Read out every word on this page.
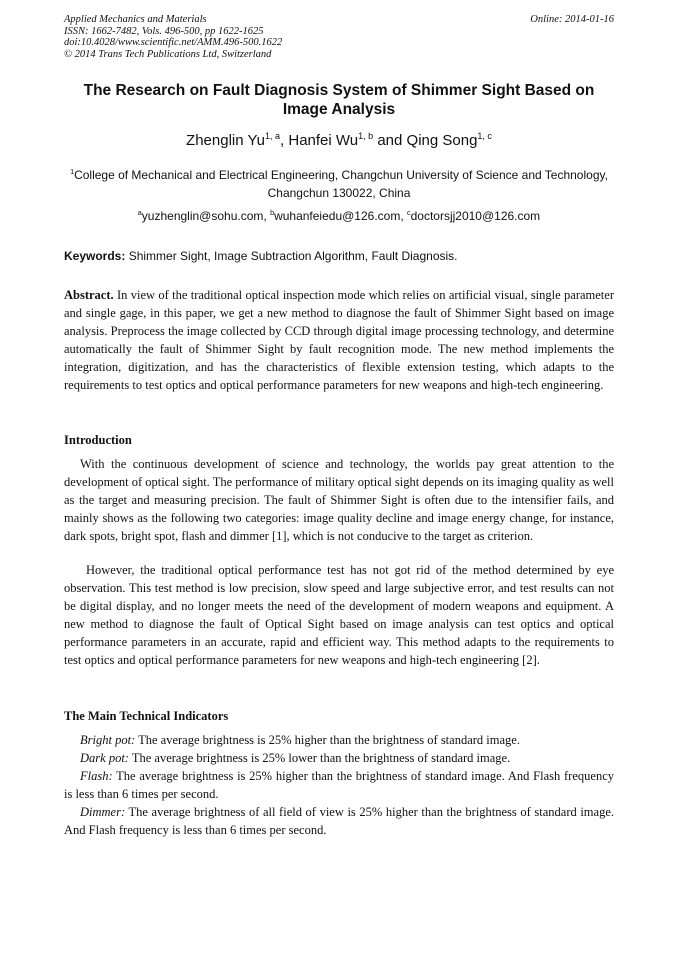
Applied Mechanics and Materials
ISSN: 1662-7482, Vols. 496-500, pp 1622-1625
doi:10.4028/www.scientific.net/AMM.496-500.1622
© 2014 Trans Tech Publications Ltd, Switzerland
Online: 2014-01-16
The Research on Fault Diagnosis System of Shimmer Sight Based on Image Analysis
Zhenglin Yu$^{1, a}$, Hanfei Wu$^{1, b}$ and Qing Song$^{1, c}$
$^1$College of Mechanical and Electrical Engineering, Changchun University of Science and Technology, Changchun 130022, China
$^a$yuzhenglin@sohu.com, $^b$wuhanfeiedu@126.com, $^c$doctorsjj2010@126.com
Keywords: Shimmer Sight, Image Subtraction Algorithm, Fault Diagnosis.
Abstract. In view of the traditional optical inspection mode which relies on artificial visual, single parameter and single gage, in this paper, we get a new method to diagnose the fault of Shimmer Sight based on image analysis. Preprocess the image collected by CCD through digital image processing technology, and determine automatically the fault of Shimmer Sight by fault recognition mode. The new method implements the integration, digitization, and has the characteristics of flexible extension testing, which adapts to the requirements to test optics and optical performance parameters for new weapons and high-tech engineering.
Introduction
With the continuous development of science and technology, the worlds pay great attention to the development of optical sight. The performance of military optical sight depends on its imaging quality as well as the target and measuring precision. The fault of Shimmer Sight is often due to the intensifier fails, and mainly shows as the following two categories: image quality decline and image energy change, for instance, dark spots, bright spot, flash and dimmer [1], which is not conducive to the target as criterion.
However, the traditional optical performance test has not got rid of the method determined by eye observation. This test method is low precision, slow speed and large subjective error, and test results can not be digital display, and no longer meets the need of the development of modern weapons and equipment. A new method to diagnose the fault of Optical Sight based on image analysis can test optics and optical performance parameters in an accurate, rapid and efficient way. This method adapts to the requirements to test optics and optical performance parameters for new weapons and high-tech engineering [2].
The Main Technical Indicators
Bright pot: The average brightness is 25% higher than the brightness of standard image.
Dark pot: The average brightness is 25% lower than the brightness of standard image.
Flash: The average brightness is 25% higher than the brightness of standard image. And Flash frequency is less than 6 times per second.
Dimmer: The average brightness of all field of view is 25% higher than the brightness of standard image. And Flash frequency is less than 6 times per second.
